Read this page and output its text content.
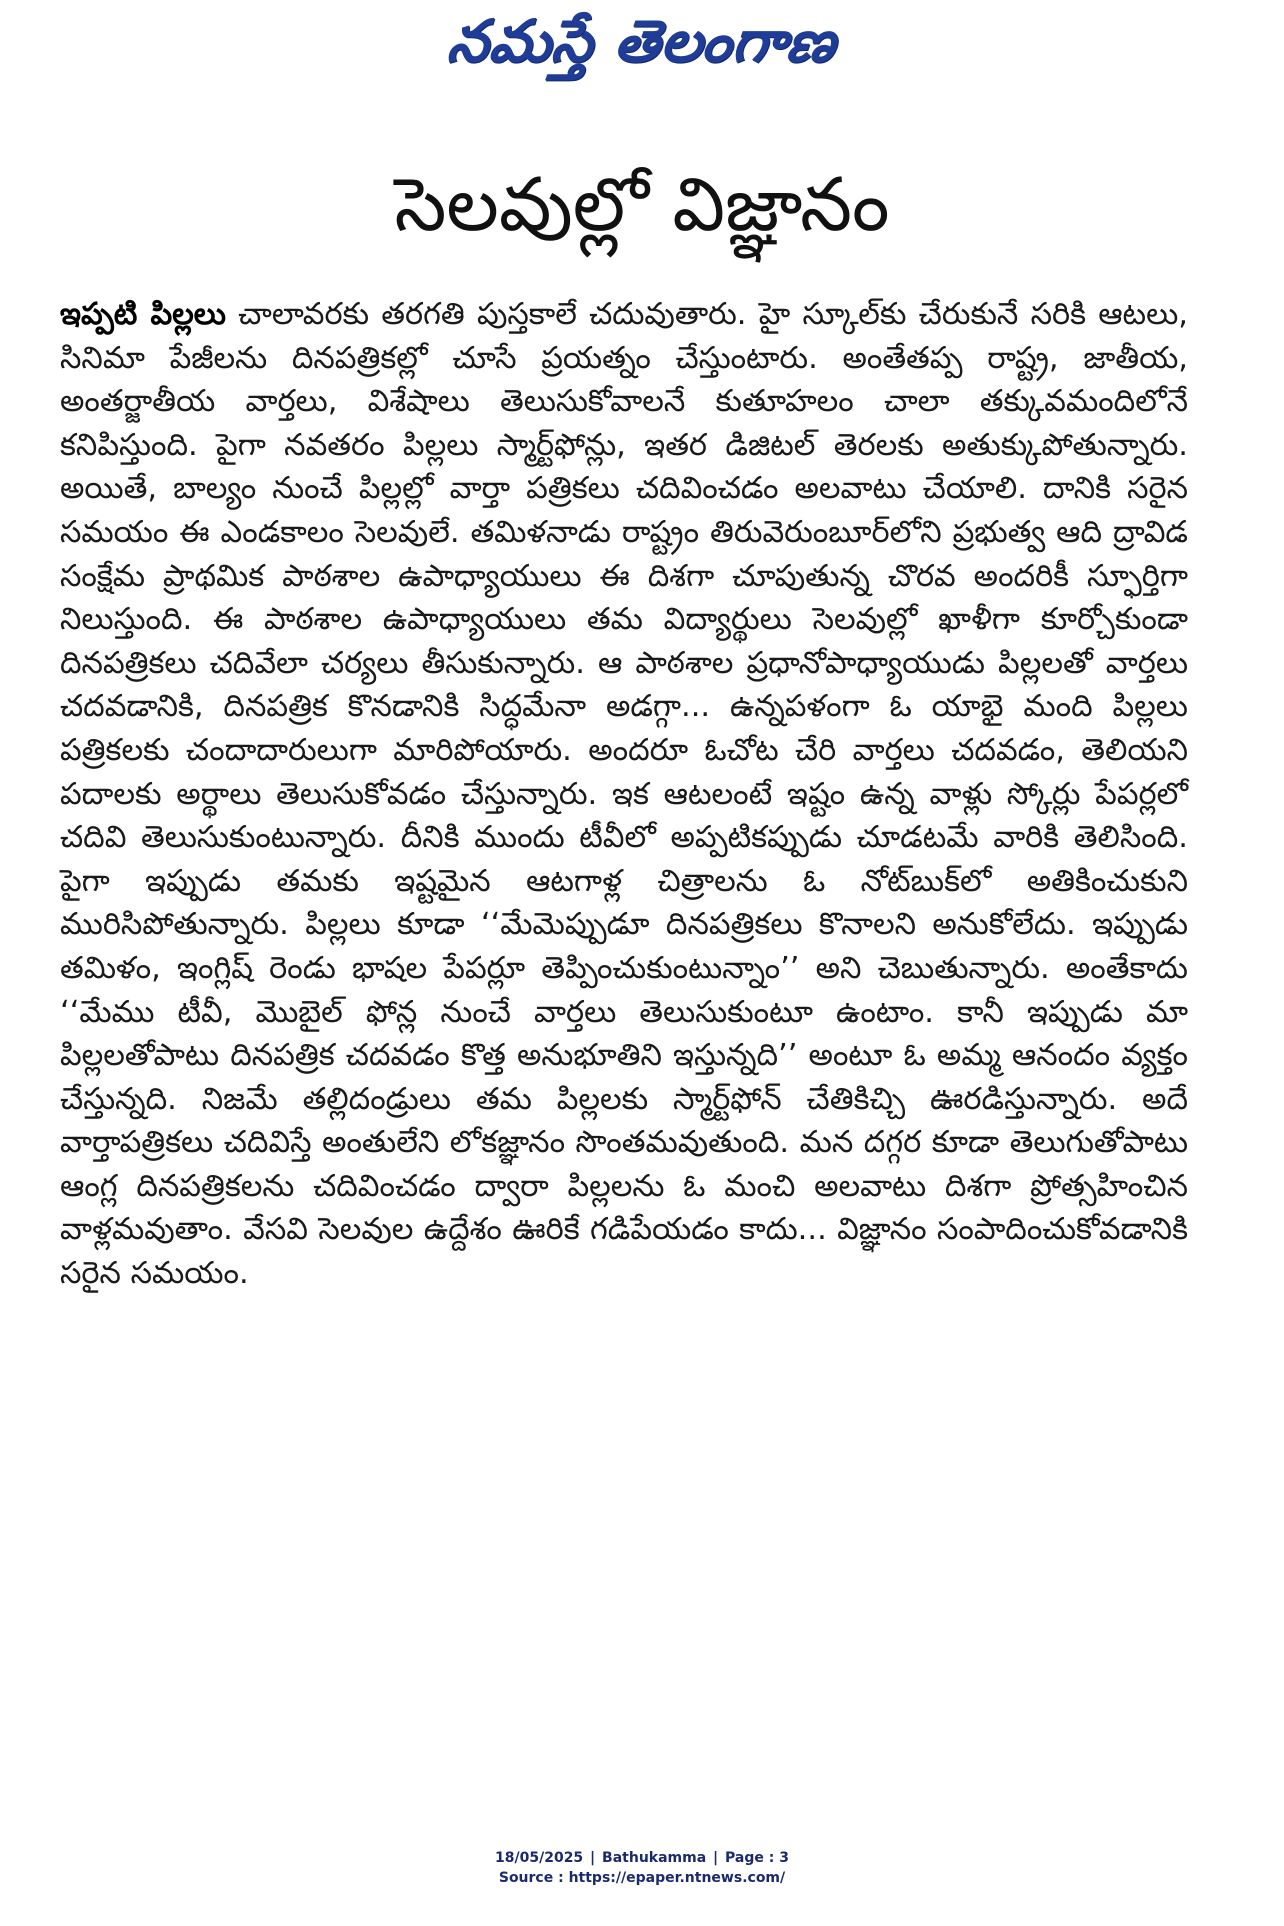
నమస్తే తెలంగాణ
సెలవుల్లో విజ్ఞానం

ఇప్పటి పిల్లలు చాలావరకు తరగతి పుస్తకాలే చదువుతారు. హై స్కూల్‌కు చేరుకునే సరికి ఆటలు, సినిమా పేజీలను దినపత్రికల్లో చూసే ప్రయత్నం చేస్తుంటారు. అంతేతప్ప రాష్ట్ర, జాతీయ, అంతర్జాతీయ వార్తలు, విశేషాలు తెలుసుకోవాలనే కుతూహలం చాలా తక్కువమందిలోనే కనిపిస్తుంది. పైగా నవతరం పిల్లలు స్మార్ట్‌ఫోన్లు, ఇతర డిజిటల్ తెరలకు అతుక్కుపోతున్నారు. అయితే, బాల్యం నుంచే పిల్లల్లో వార్తా పత్రికలు చదివించడం అలవాటు చేయాలి. దానికి సరైన సమయం ఈ ఎండకాలం సెలవులే. తమిళనాడు రాష్ట్రం తిరువెరుంబూర్‌లోని ప్రభుత్వ ఆది ద్రావిడ సంక్షేమ ప్రాథమిక పాఠశాల ఉపాధ్యాయులు ఈ దిశగా చూపుతున్న చొరవ అందరికీ స్ఫూర్తిగా నిలుస్తుంది. ఈ పాఠశాల ఉపాధ్యాయులు తమ విద్యార్థులు సెలవుల్లో ఖాళీగా కూర్చోకుండా దినపత్రికలు చదివేలా చర్యలు తీసుకున్నారు. ఆ పాఠశాల ప్రధానోపాధ్యాయుడు పిల్లలతో వార్తలు చదవడానికి, దినపత్రిక కొనడానికి సిద్ధమేనా అడగ్గా... ఉన్నపళంగా ఓ యాభై మంది పిల్లలు పత్రికలకు చందాదారులుగా మారిపోయారు. అందరూ ఓచోట చేరి వార్తలు చదవడం, తెలియని పదాలకు అర్థాలు తెలుసుకోవడం చేస్తున్నారు. ఇక ఆటలంటే ఇష్టం ఉన్న వాళ్లు స్కోర్లు పేపర్లలో చదివి తెలుసుకుంటున్నారు. దీనికి ముందు టీవీలో అప్పటికప్పుడు చూడటమే వారికి తెలిసింది. పైగా ఇప్పుడు తమకు ఇష్టమైన ఆటగాళ్ల చిత్రాలను ఓ నోట్‌బుక్‌లో అతికించుకుని మురిసిపోతున్నారు. పిల్లలు కూడా ‘‘మేమెప్పుడూ దినపత్రికలు కొనాలని అనుకోలేదు. ఇప్పుడు తమిళం, ఇంగ్లిష్ రెండు భాషల పేపర్లూ తెప్పించుకుంటున్నాం’’ అని చెబుతున్నారు. అంతేకాదు ‘‘మేము టీవీ, మొబైల్ ఫోన్ల నుంచే వార్తలు తెలుసుకుంటూ ఉంటాం. కానీ ఇప్పుడు మా పిల్లలతోపాటు దినపత్రిక చదవడం కొత్త అనుభూతిని ఇస్తున్నది’’ అంటూ ఓ అమ్మ ఆనందం వ్యక్తం చేస్తున్నది. నిజమే తల్లిదండ్రులు తమ పిల్లలకు స్మార్ట్‌ఫోన్ చేతికిచ్చి ఊరడిస్తున్నారు. అదే వార్తాపత్రికలు చదివిస్తే అంతులేని లోకజ్ఞానం సొంతమవుతుంది. మన దగ్గర కూడా తెలుగుతోపాటు ఆంగ్ల దినపత్రికలను చదివించడం ద్వారా పిల్లలను ఓ మంచి అలవాటు దిశగా ప్రోత్సహించిన వాళ్లమవుతాం. వేసవి సెలవుల ఉద్దేశం ఊరికే గడిపేయడం కాదు... విజ్ఞానం సంపాదించుకోవడానికి సరైన సమయం.

18/05/2025 | Bathukamma | Page : 3
Source : https://epaper.ntnews.com/
